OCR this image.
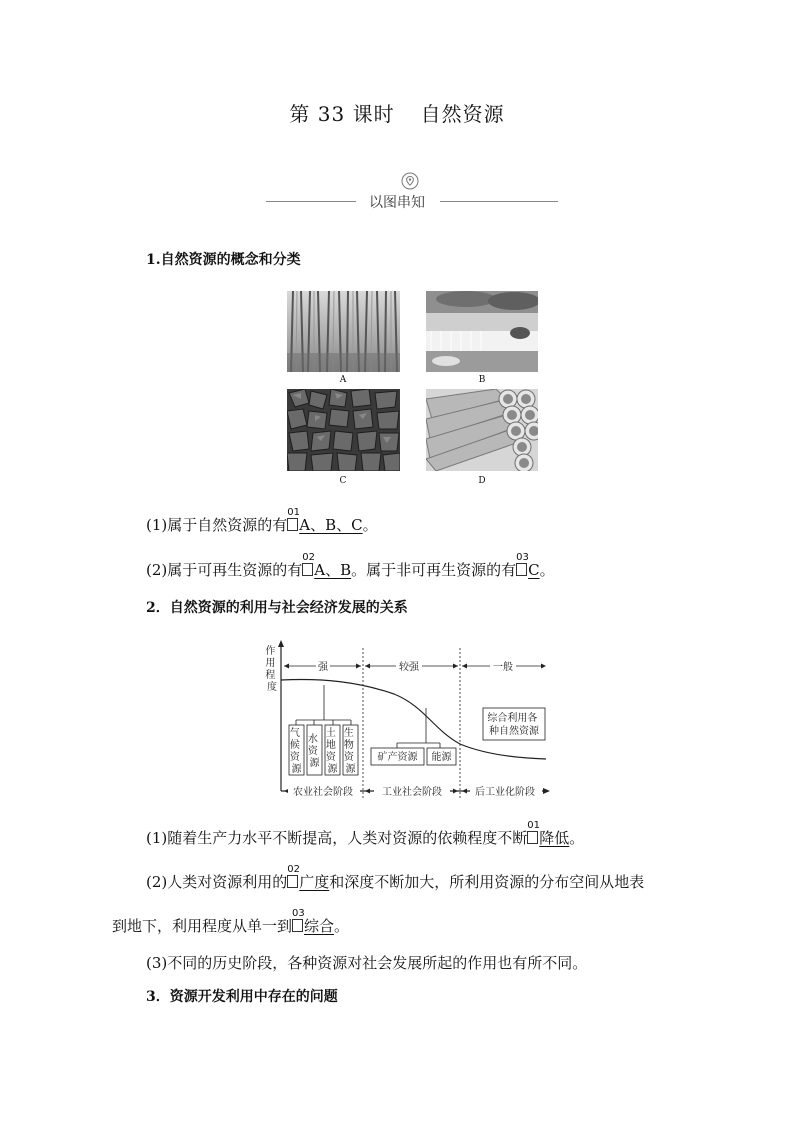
第 33 课时 自然资源
以图串知
1.自然资源的概念和分类
A	B
C	D
(1)属于自然资源的有
01
A、B、C。
(2)属于可再生资源的有
02
A、B。属于非可再生资源的有
03
C。
2．自然资源的利用与社会经济发展的关系
作 用 程 度
强	较强	一般
气 候 资 源
水 资 源
土 地 资 源
生 物 资 源
矿产资源 能源
综合利用各 种自然资源
农业社会阶段	工业社会阶段	后工业化阶段
(1)随着生产力水平不断提高，人类对资源的依赖程度不断
01
降低。
(2)人类对资源利用的
02
广度和深度不断加大，所利用资源的分布空间从地表
到地下，利用程度从单一到
03
综合。
(3)不同的历史阶段，各种资源对社会发展所起的作用也有所不同。
3．资源开发利用中存在的问题
